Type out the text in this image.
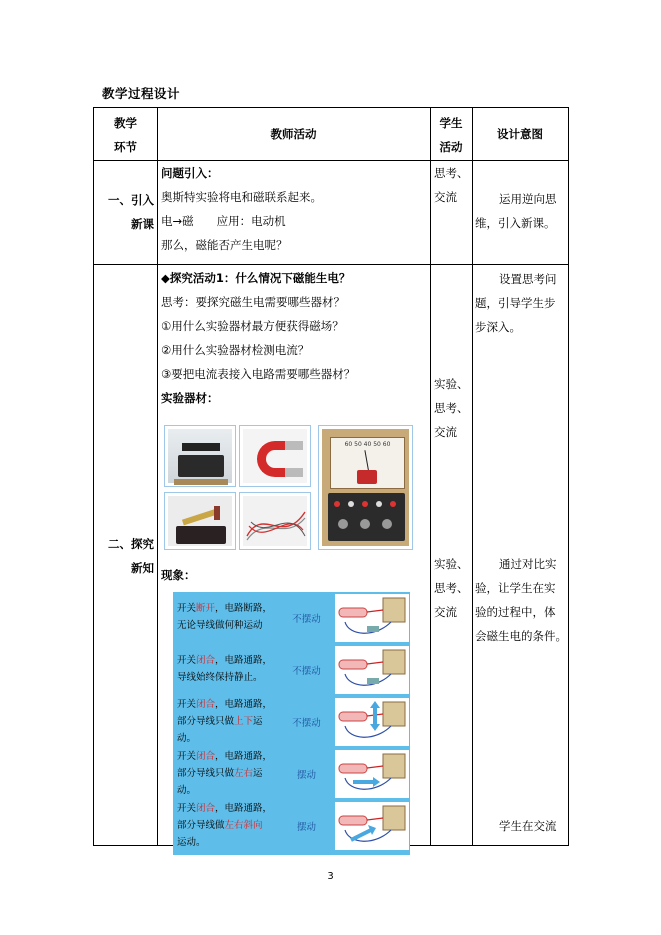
教学过程设计
教学
环节
教师活动
学生
活动
设计意图
一、引入
新课
问题引入：
奥斯特实验将电和磁联系起来。
电→磁　　应用：电动机
那么，磁能否产生电呢？
思考、
交流	运用逆向思
维，引入新课。
二、探究
新知
◆探究活动1：什么情况下磁能生电？
思考：要探究磁生电需要哪些器材？
①用什么实验器材最方便获得磁场？
②用什么实验器材检测电流？
③要把电流表接入电路需要哪些器材？
实验器材：
60 50 40 50 60
现象：
开关断开，电路断路，
无论导线做何种运动
不摆动
开关闭合，电路通路，
导线始终保持静止。
不摆动
开关闭合，电路通路，
部分导线只做上下运
动。
不摆动
开关闭合，电路通路，
部分导线只做左右运
动。
摆动
开关闭合，电路通路，
部分导线做左右斜向
运动。
摆动
实验、
思考、
交流
实验、
思考、
交流
设置思考问
题，引导学生步
步深入。
通过对比实
验，让学生在实
验的过程中，体
会磁生电的条件。
学生在交流
3
